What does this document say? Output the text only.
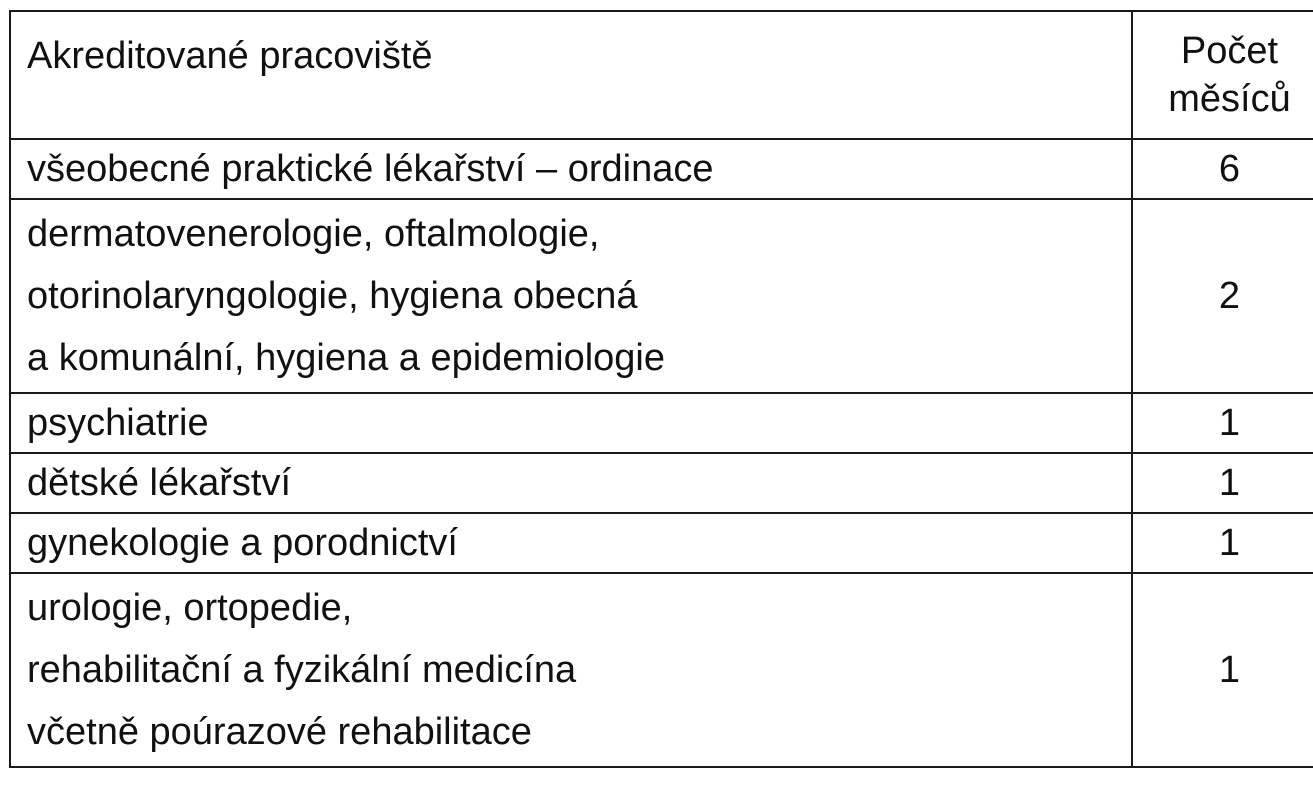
Akreditované pracoviště	Počet
měsíců

všeobecné praktické lékařství – ordinace	6

dermatovenerologie, oftalmologie,
otorinolaryngologie, hygiena obecná
a komunální, hygiena a epidemiologie	2

psychiatrie	1

dětské lékařství	1

gynekologie a porodnictví	1

urologie, ortopedie,
rehabilitační a fyzikální medicína
včetně poúrazové rehabilitace	1
